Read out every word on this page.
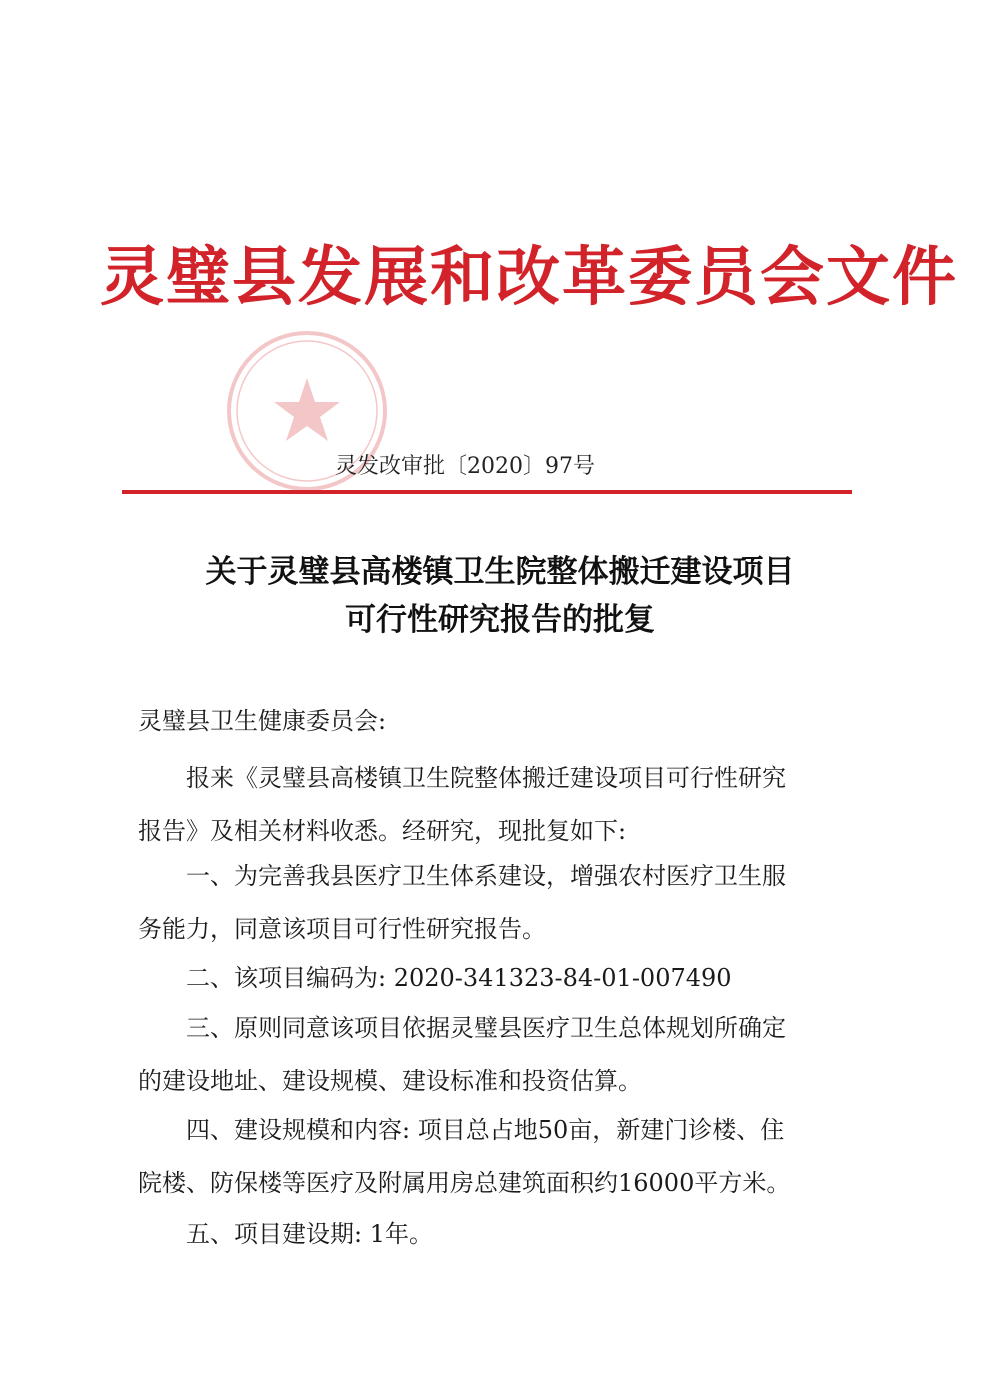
灵璧县发展和改革委员会文件
灵发改审批〔2020〕97号
关于灵璧县高楼镇卫生院整体搬迁建设项目
可行性研究报告的批复
灵璧县卫生健康委员会:
报来《灵璧县高楼镇卫生院整体搬迁建设项目可行性研究
报告》及相关材料收悉。经研究，现批复如下:
一、为完善我县医疗卫生体系建设，增强农村医疗卫生服
务能力，同意该项目可行性研究报告。
二、该项目编码为: 2020-341323-84-01-007490
三、原则同意该项目依据灵璧县医疗卫生总体规划所确定
的建设地址、建设规模、建设标准和投资估算。
四、建设规模和内容: 项目总占地50亩，新建门诊楼、住
院楼、防保楼等医疗及附属用房总建筑面积约16000平方米。
五、项目建设期: 1年。
